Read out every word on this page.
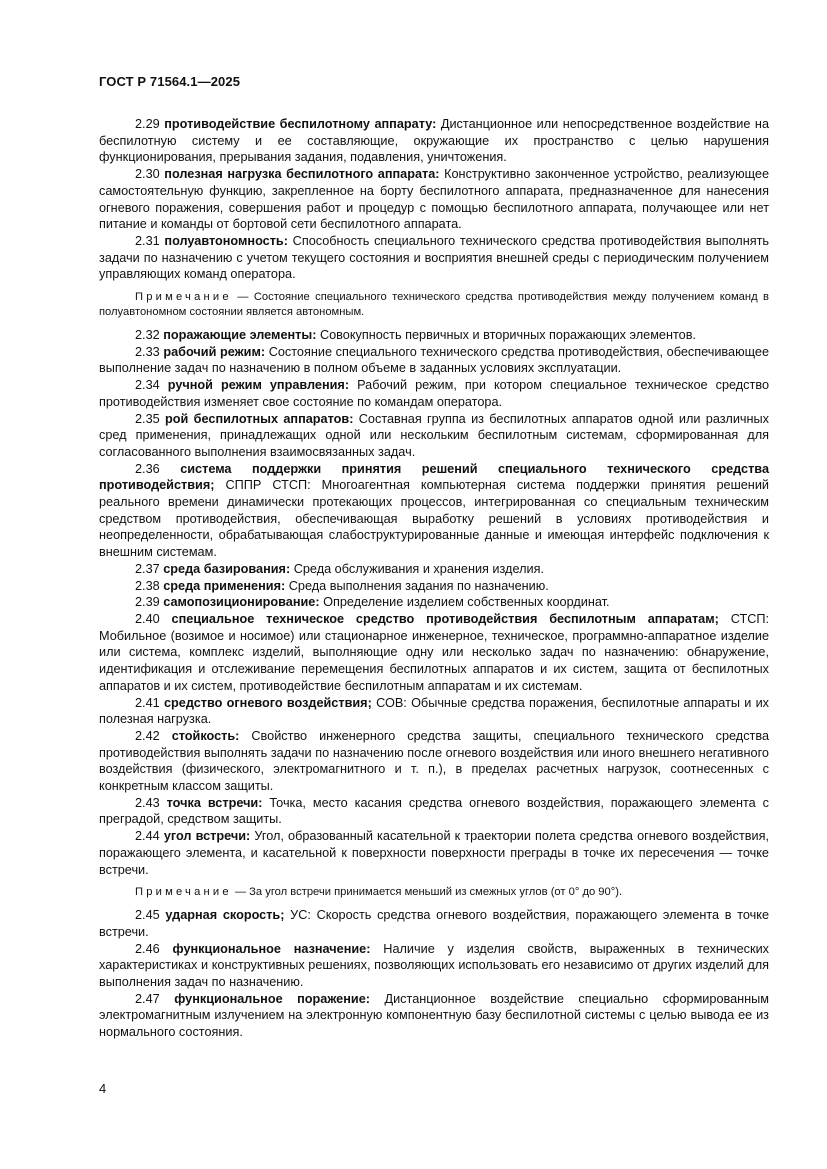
ГОСТ Р 71564.1—2025

2.29 противодействие беспилотному аппарату: Дистанционное или непосредственное воздействие на беспилотную систему и ее составляющие, окружающие их пространство с целью нарушения функционирования, прерывания задания, подавления, уничтожения.

2.30 полезная нагрузка беспилотного аппарата: Конструктивно законченное устройство, реализующее самостоятельную функцию, закрепленное на борту беспилотного аппарата, предназначенное для нанесения огневого поражения, совершения работ и процедур с помощью беспилотного аппарата, получающее или нет питание и команды от бортовой сети беспилотного аппарата.

2.31 полуавтономность: Способность специального технического средства противодействия выполнять задачи по назначению с учетом текущего состояния и восприятия внешней среды с периодическим получением управляющих команд оператора.

Примечание — Состояние специального технического средства противодействия между получением команд в полуавтономном состоянии является автономным.

2.32 поражающие элементы: Совокупность первичных и вторичных поражающих элементов.

2.33 рабочий режим: Состояние специального технического средства противодействия, обеспечивающее выполнение задач по назначению в полном объеме в заданных условиях эксплуатации.

2.34 ручной режим управления: Рабочий режим, при котором специальное техническое средство противодействия изменяет свое состояние по командам оператора.

2.35 рой беспилотных аппаратов: Составная группа из беспилотных аппаратов одной или различных сред применения, принадлежащих одной или нескольким беспилотным системам, сформированная для согласованного выполнения взаимосвязанных задач.

2.36 система поддержки принятия решений специального технического средства противодействия; СППР СТСП: Многоагентная компьютерная система поддержки принятия решений реального времени динамически протекающих процессов, интегрированная со специальным техническим средством противодействия, обеспечивающая выработку решений в условиях противодействия и неопределенности, обрабатывающая слабоструктурированные данные и имеющая интерфейс подключения к внешним системам.

2.37 среда базирования: Среда обслуживания и хранения изделия.

2.38 среда применения: Среда выполнения задания по назначению.

2.39 самопозиционирование: Определение изделием собственных координат.

2.40 специальное техническое средство противодействия беспилотным аппаратам; СТСП: Мобильное (возимое и носимое) или стационарное инженерное, техническое, программно-аппаратное изделие или система, комплекс изделий, выполняющие одну или несколько задач по назначению: обнаружение, идентификация и отслеживание перемещения беспилотных аппаратов и их систем, защита от беспилотных аппаратов и их систем, противодействие беспилотным аппаратам и их системам.

2.41 средство огневого воздействия; СОВ: Обычные средства поражения, беспилотные аппараты и их полезная нагрузка.

2.42 стойкость: Свойство инженерного средства защиты, специального технического средства противодействия выполнять задачи по назначению после огневого воздействия или иного внешнего негативного воздействия (физического, электромагнитного и т. п.), в пределах расчетных нагрузок, соотнесенных с конкретным классом защиты.

2.43 точка встречи: Точка, место касания средства огневого воздействия, поражающего элемента с преградой, средством защиты.

2.44 угол встречи: Угол, образованный касательной к траектории полета средства огневого воздействия, поражающего элемента, и касательной к поверхности поверхности преграды в точке их пересечения — точке встречи.

Примечание — За угол встречи принимается меньший из смежных углов (от 0° до 90°).

2.45 ударная скорость; УС: Скорость средства огневого воздействия, поражающего элемента в точке встречи.

2.46 функциональное назначение: Наличие у изделия свойств, выраженных в технических характеристиках и конструктивных решениях, позволяющих использовать его независимо от других изделий для выполнения задач по назначению.

2.47 функциональное поражение: Дистанционное воздействие специально сформированным электромагнитным излучением на электронную компонентную базу беспилотной системы с целью вывода ее из нормального состояния.

4
